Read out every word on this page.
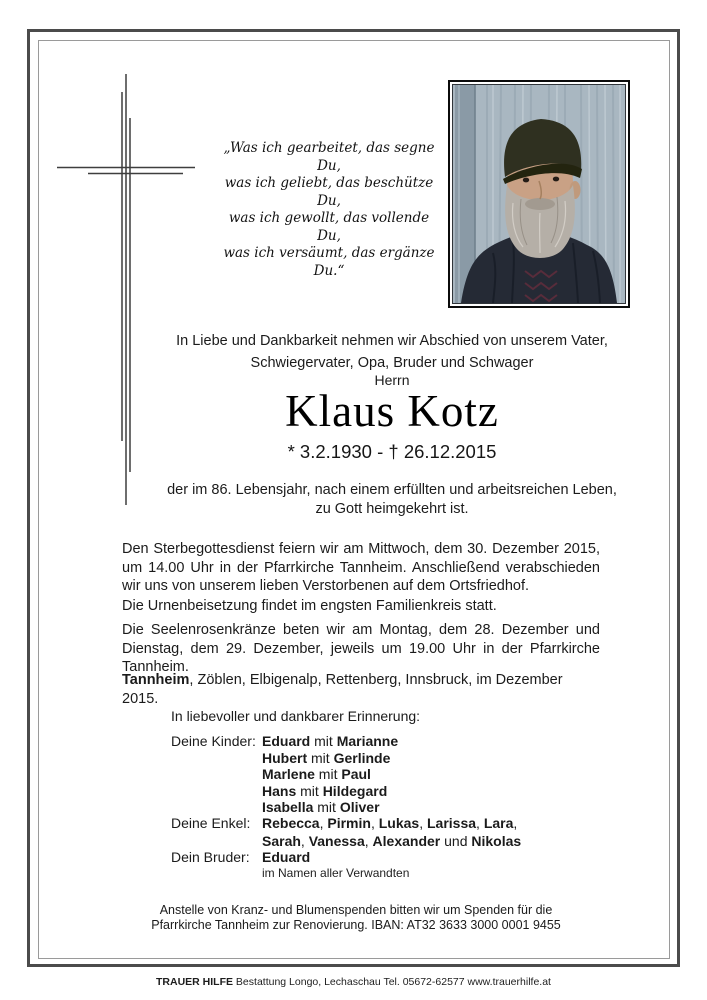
„Was ich gearbeitet, das segne Du,
was ich geliebt, das beschütze Du,
was ich gewollt, das vollende Du,
was ich versäumt, das ergänze Du.“
In Liebe und Dankbarkeit nehmen wir Abschied von unserem Vater,
Schwiegervater, Opa, Bruder und Schwager
Herrn
Klaus Kotz
* 3.2.1930 - † 26.12.2015
der im 86. Lebensjahr, nach einem erfüllten und arbeitsreichen Leben,
zu Gott heimgekehrt ist.
Den Sterbegottesdienst feiern wir am Mittwoch, dem 30. Dezember 2015, um 14.00 Uhr in der Pfarrkirche Tannheim. Anschließend verabschieden wir uns von unserem lieben Verstorbenen auf dem Ortsfriedhof.
Die Urnenbeisetzung findet im engsten Familienkreis statt.
Die Seelenrosenkränze beten wir am Montag, dem 28. Dezember und Dienstag, dem 29. Dezember, jeweils um 19.00 Uhr in der Pfarrkirche Tannheim.
Tannheim, Zöblen, Elbigenalp, Rettenberg, Innsbruck, im Dezember 2015.
In liebevoller und dankbarer Erinnerung:
Deine Kinder: Eduard mit Marianne
Hubert mit Gerlinde
Marlene mit Paul
Hans mit Hildegard
Isabella mit Oliver
Deine Enkel: Rebecca, Pirmin, Lukas, Larissa, Lara,
Sarah, Vanessa, Alexander und Nikolas
Dein Bruder: Eduard
im Namen aller Verwandten
Anstelle von Kranz- und Blumenspenden bitten wir um Spenden für die
Pfarrkirche Tannheim zur Renovierung. IBAN: AT32 3633 3000 0001 9455
TRAUER HILFE Bestattung Longo, Lechaschau Tel. 05672-62577 www.trauerhilfe.at
